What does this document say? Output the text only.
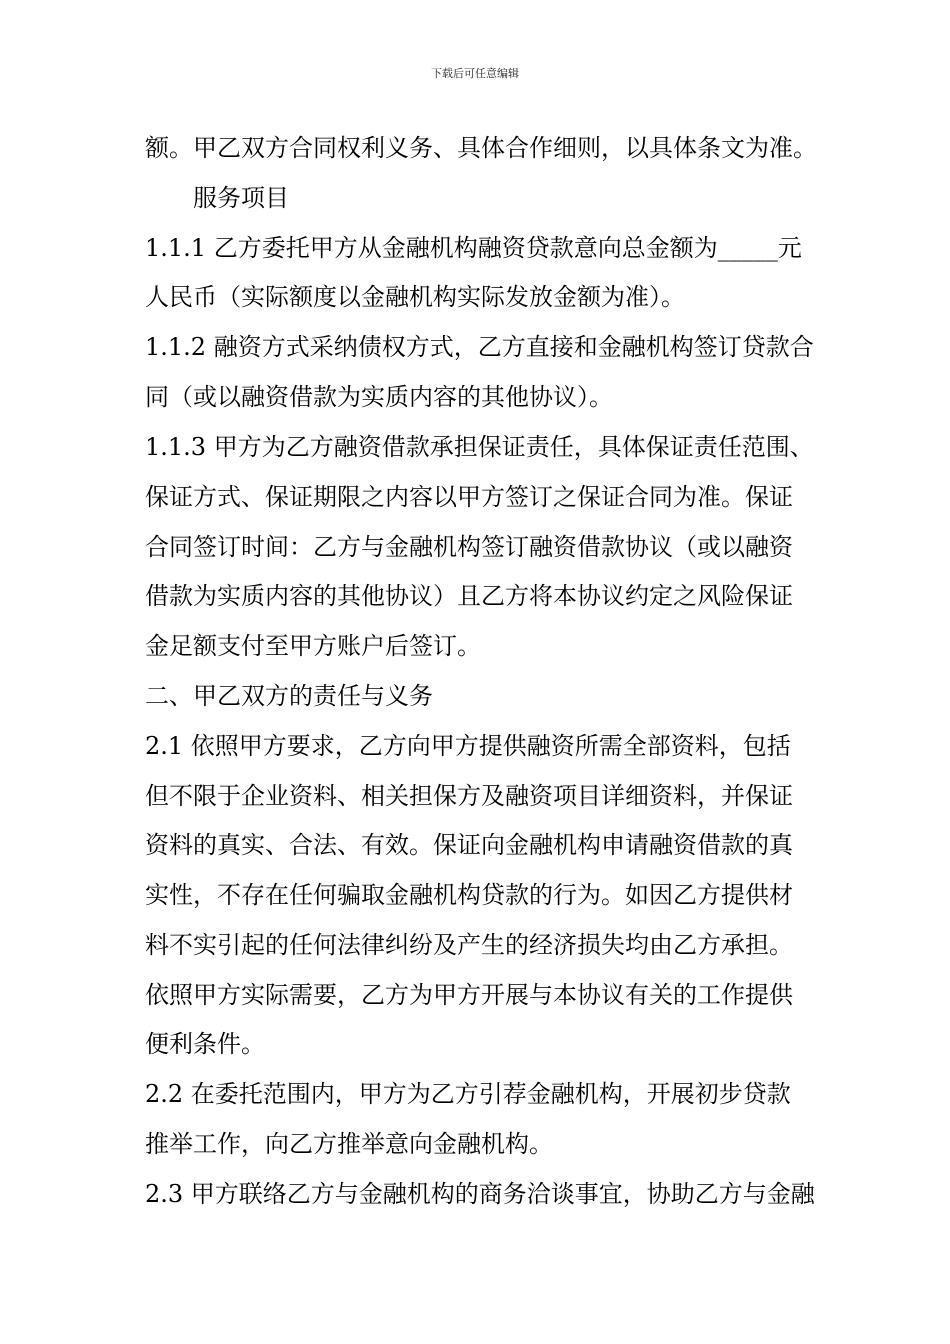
下载后可任意编辑
额。甲乙双方合同权利义务、具体合作细则，以具体条文为准。
服务项目
1.1.1 乙方委托甲方从金融机构融资贷款意向总金额为_____元
人民币（实际额度以金融机构实际发放金额为准）。
1.1.2 融资方式采纳债权方式，乙方直接和金融机构签订贷款合
同（或以融资借款为实质内容的其他协议）。
1.1.3 甲方为乙方融资借款承担保证责任，具体保证责任范围、
保证方式、保证期限之内容以甲方签订之保证合同为准。保证
合同签订时间：乙方与金融机构签订融资借款协议（或以融资
借款为实质内容的其他协议）且乙方将本协议约定之风险保证
金足额支付至甲方账户后签订。
二、甲乙双方的责任与义务
2.1 依照甲方要求，乙方向甲方提供融资所需全部资料，包括
但不限于企业资料、相关担保方及融资项目详细资料，并保证
资料的真实、合法、有效。保证向金融机构申请融资借款的真
实性，不存在任何骗取金融机构贷款的行为。如因乙方提供材
料不实引起的任何法律纠纷及产生的经济损失均由乙方承担。
依照甲方实际需要，乙方为甲方开展与本协议有关的工作提供
便利条件。
2.2 在委托范围内，甲方为乙方引荐金融机构，开展初步贷款
推举工作，向乙方推举意向金融机构。
2.3 甲方联络乙方与金融机构的商务洽谈事宜，协助乙方与金融
